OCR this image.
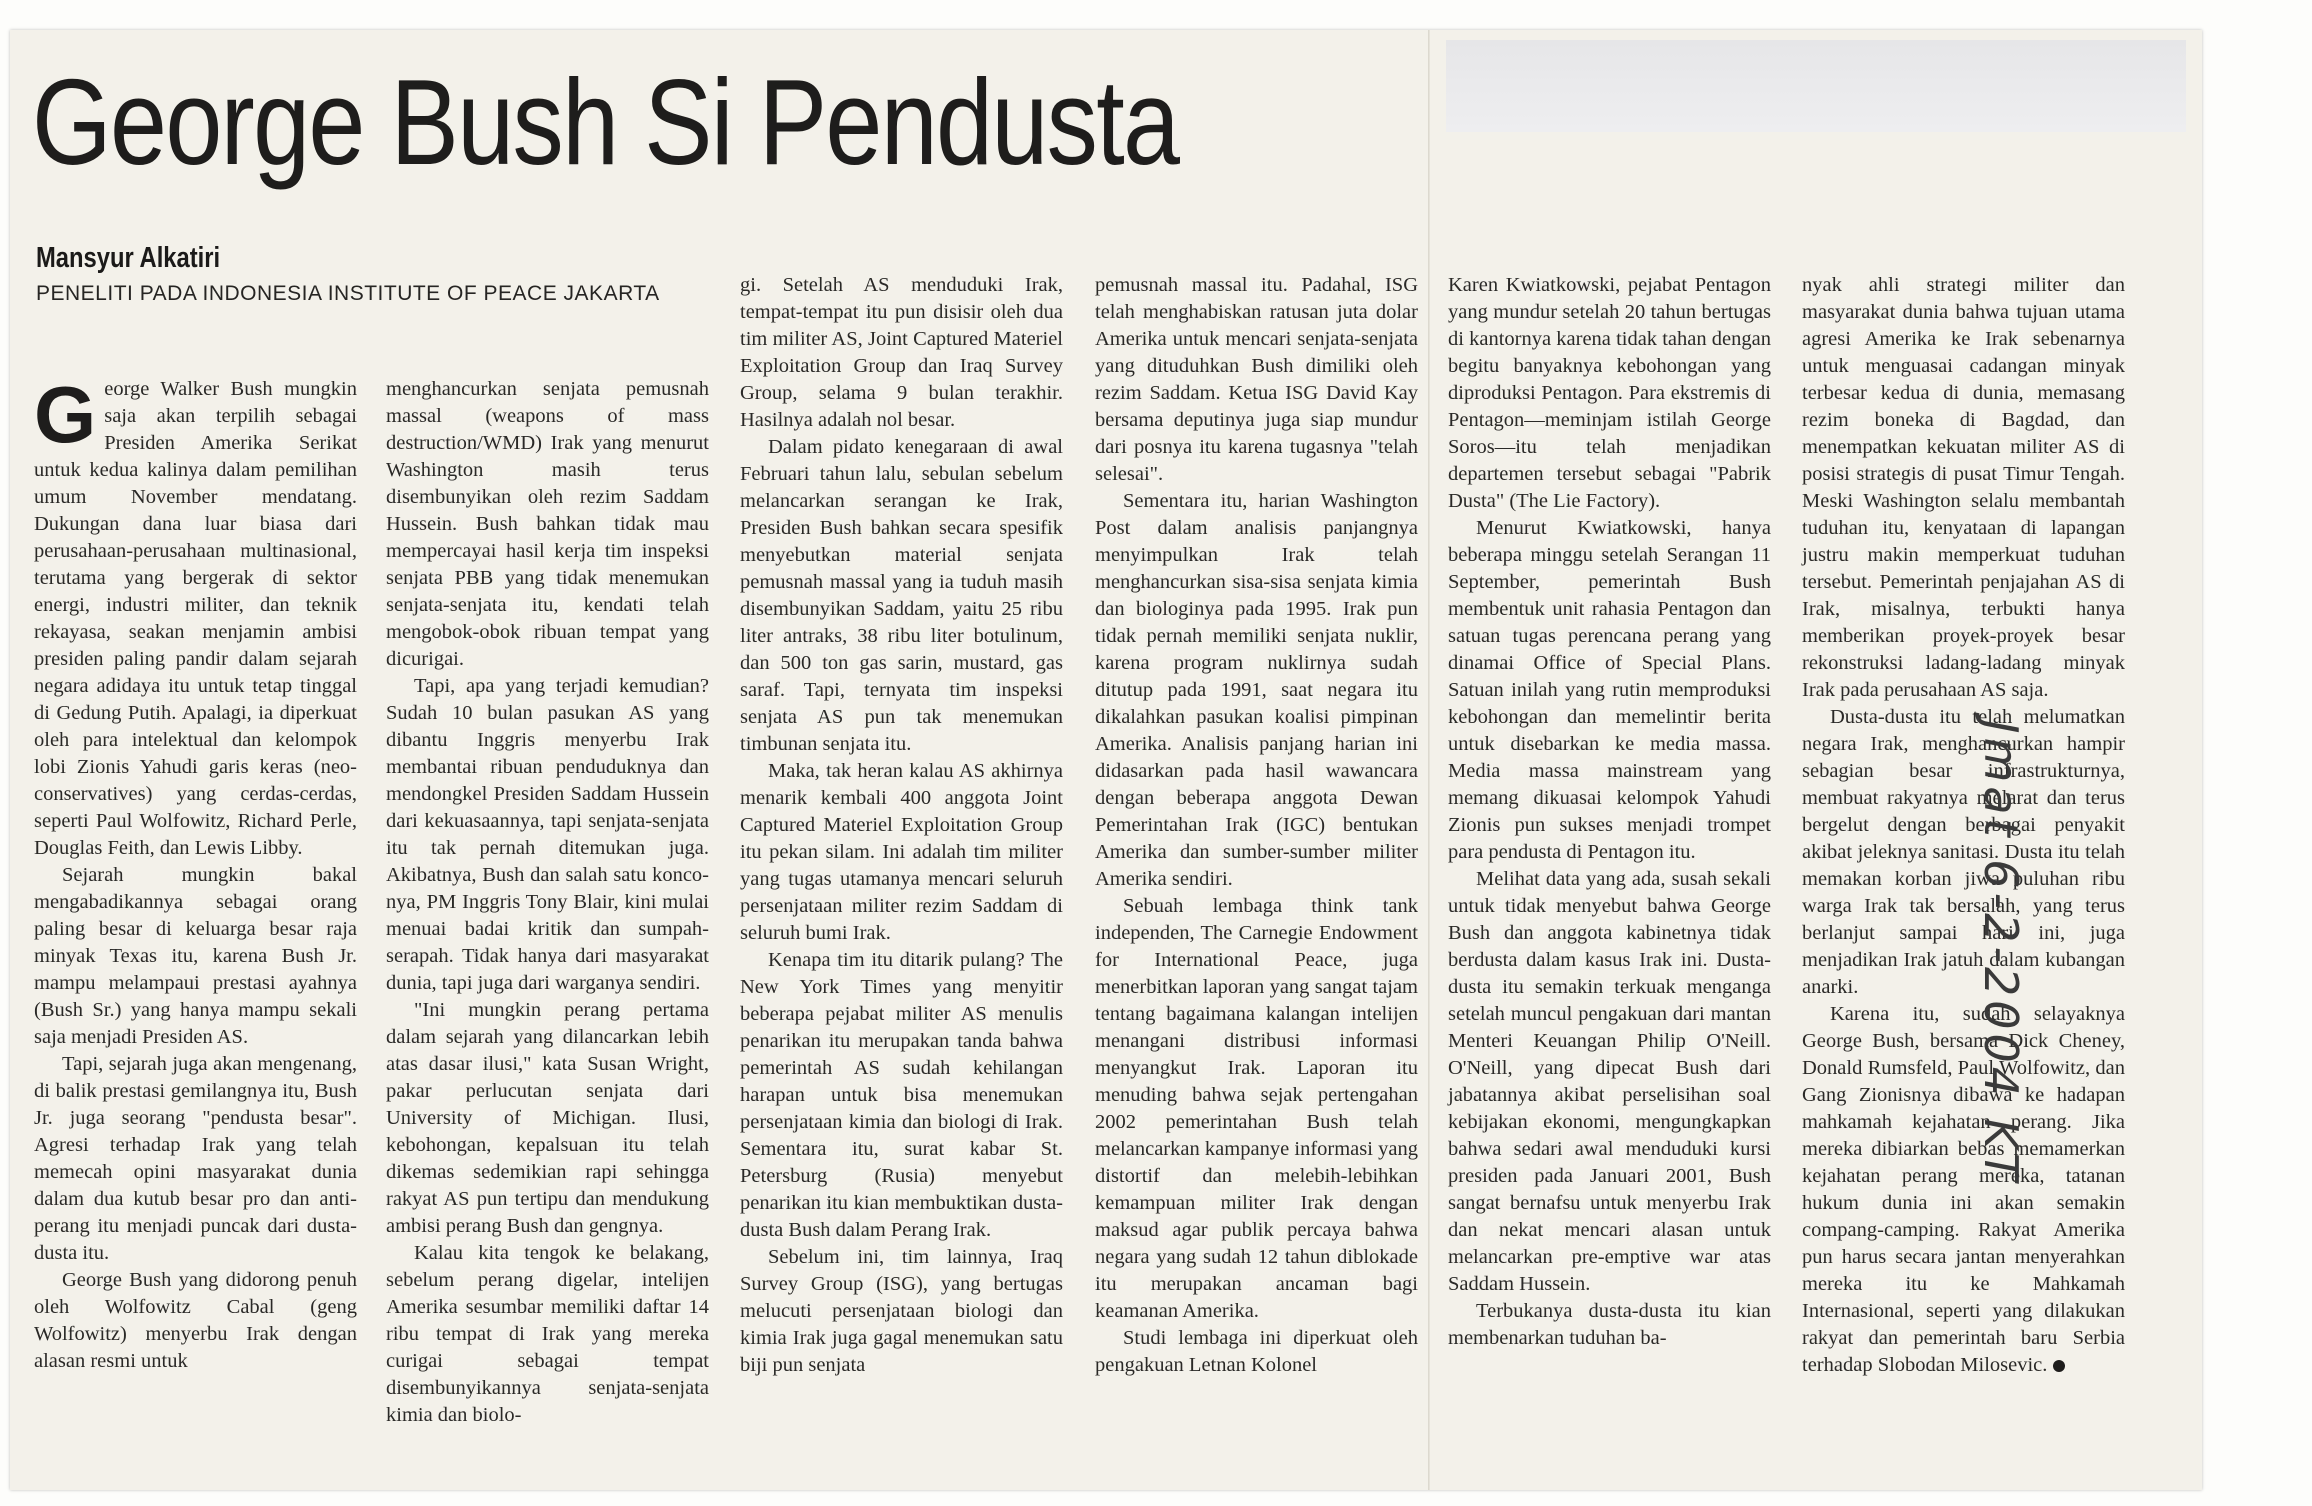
George Bush Si Pendusta
Mansyur Alkatiri
PENELITI PADA INDONESIA INSTITUTE OF PEACE JAKARTA

George Walker Bush mungkin saja akan terpilih sebagai Presiden Amerika Serikat untuk kedua kalinya dalam pemilihan umum November mendatang. Dukungan dana luar biasa dari perusahaan-perusahaan multinasional, terutama yang bergerak di sektor energi, industri militer, dan teknik rekayasa, seakan menjamin ambisi presiden paling pandir dalam sejarah negara adidaya itu untuk tetap tinggal di Gedung Putih. Apalagi, ia diperkuat oleh para intelektual dan kelompok lobi Zionis Yahudi garis keras (neo-conservatives) yang cerdas-cerdas, seperti Paul Wolfowitz, Richard Perle, Douglas Feith, dan Lewis Libby.

Sejarah mungkin bakal mengabadikannya sebagai orang paling besar di keluarga besar raja minyak Texas itu, karena Bush Jr. mampu melampaui prestasi ayahnya (Bush Sr.) yang hanya mampu sekali saja menjadi Presiden AS.

Tapi, sejarah juga akan mengenang, di balik prestasi gemilangnya itu, Bush Jr. juga seorang "pendusta besar". Agresi terhadap Irak yang telah memecah opini masyarakat dunia dalam dua kutub besar pro dan anti-perang itu menjadi puncak dari dusta-dusta itu.

George Bush yang didorong penuh oleh Wolfowitz Cabal (geng Wolfowitz) menyerbu Irak dengan alasan resmi untuk

menghancurkan senjata pemusnah massal (weapons of mass destruction/WMD) Irak yang menurut Washington masih terus disembunyikan oleh rezim Saddam Hussein. Bush bahkan tidak mau mempercayai hasil kerja tim inspeksi senjata PBB yang tidak menemukan senjata-senjata itu, kendati telah mengobok-obok ribuan tempat yang dicurigai.

Tapi, apa yang terjadi kemudian? Sudah 10 bulan pasukan AS yang dibantu Inggris menyerbu Irak membantai ribuan penduduknya dan mendongkel Presiden Saddam Hussein dari kekuasaannya, tapi senjata-senjata itu tak pernah ditemukan juga. Akibatnya, Bush dan salah satu konco-nya, PM Inggris Tony Blair, kini mulai menuai badai kritik dan sumpah-serapah. Tidak hanya dari masyarakat dunia, tapi juga dari warganya sendiri.

"Ini mungkin perang pertama dalam sejarah yang dilancarkan lebih atas dasar ilusi," kata Susan Wright, pakar perlucutan senjata dari University of Michigan. Ilusi, kebohongan, kepalsuan itu telah dikemas sedemikian rapi sehingga rakyat AS pun tertipu dan mendukung ambisi perang Bush dan gengnya.

Kalau kita tengok ke belakang, sebelum perang digelar, intelijen Amerika sesumbar memiliki daftar 14 ribu tempat di Irak yang mereka curigai sebagai tempat disembunyikannya senjata-senjata kimia dan biolo-

gi. Setelah AS menduduki Irak, tempat-tempat itu pun disisir oleh dua tim militer AS, Joint Captured Materiel Exploitation Group dan Iraq Survey Group, selama 9 bulan terakhir. Hasilnya adalah nol besar.

Dalam pidato kenegaraan di awal Februari tahun lalu, sebulan sebelum melancarkan serangan ke Irak, Presiden Bush bahkan secara spesifik menyebutkan material senjata pemusnah massal yang ia tuduh masih disembunyikan Saddam, yaitu 25 ribu liter antraks, 38 ribu liter botulinum, dan 500 ton gas sarin, mustard, gas saraf. Tapi, ternyata tim inspeksi senjata AS pun tak menemukan timbunan senjata itu.

Maka, tak heran kalau AS akhirnya menarik kembali 400 anggota Joint Captured Materiel Exploitation Group itu pekan silam. Ini adalah tim militer yang tugas utamanya mencari seluruh persenjataan militer rezim Saddam di seluruh bumi Irak.

Kenapa tim itu ditarik pulang? The New York Times yang menyitir beberapa pejabat militer AS menulis penarikan itu merupakan tanda bahwa pemerintah AS sudah kehilangan harapan untuk bisa menemukan persenjataan kimia dan biologi di Irak. Sementara itu, surat kabar St. Petersburg (Rusia) menyebut penarikan itu kian membuktikan dusta-dusta Bush dalam Perang Irak.

Sebelum ini, tim lainnya, Iraq Survey Group (ISG), yang bertugas melucuti persenjataan biologi dan kimia Irak juga gagal menemukan satu biji pun senjata

pemusnah massal itu. Padahal, ISG telah menghabiskan ratusan juta dolar Amerika untuk mencari senjata-senjata yang dituduhkan Bush dimiliki oleh rezim Saddam. Ketua ISG David Kay bersama deputinya juga siap mundur dari posnya itu karena tugasnya "telah selesai".

Sementara itu, harian Washington Post dalam analisis panjangnya menyimpulkan Irak telah menghancurkan sisa-sisa senjata kimia dan biologinya pada 1995. Irak pun tidak pernah memiliki senjata nuklir, karena program nuklirnya sudah ditutup pada 1991, saat negara itu dikalahkan pasukan koalisi pimpinan Amerika. Analisis panjang harian ini didasarkan pada hasil wawancara dengan beberapa anggota Dewan Pemerintahan Irak (IGC) bentukan Amerika dan sumber-sumber militer Amerika sendiri.

Sebuah lembaga think tank independen, The Carnegie Endowment for International Peace, juga menerbitkan laporan yang sangat tajam tentang bagaimana kalangan intelijen menangani distribusi informasi menyangkut Irak. Laporan itu menuding bahwa sejak pertengahan 2002 pemerintahan Bush telah melancarkan kampanye informasi yang distortif dan melebih-lebihkan kemampuan militer Irak dengan maksud agar publik percaya bahwa negara yang sudah 12 tahun diblokade itu merupakan ancaman bagi keamanan Amerika.

Studi lembaga ini diperkuat oleh pengakuan Letnan Kolonel

Karen Kwiatkowski, pejabat Pentagon yang mundur setelah 20 tahun bertugas di kantornya karena tidak tahan dengan begitu banyaknya kebohongan yang diproduksi Pentagon. Para ekstremis di Pentagon—meminjam istilah George Soros—itu telah menjadikan departemen tersebut sebagai "Pabrik Dusta" (The Lie Factory).

Menurut Kwiatkowski, hanya beberapa minggu setelah Serangan 11 September, pemerintah Bush membentuk unit rahasia Pentagon dan satuan tugas perencana perang yang dinamai Office of Special Plans. Satuan inilah yang rutin memproduksi kebohongan dan memelintir berita untuk disebarkan ke media massa. Media massa mainstream yang memang dikuasai kelompok Yahudi Zionis pun sukses menjadi trompet para pendusta di Pentagon itu.

Melihat data yang ada, susah sekali untuk tidak menyebut bahwa George Bush dan anggota kabinetnya tidak berdusta dalam kasus Irak ini. Dusta-dusta itu semakin terkuak menganga setelah muncul pengakuan dari mantan Menteri Keuangan Philip O'Neill. O'Neill, yang dipecat Bush dari jabatannya akibat perselisihan soal kebijakan ekonomi, mengungkapkan bahwa sedari awal menduduki kursi presiden pada Januari 2001, Bush sangat bernafsu untuk menyerbu Irak dan nekat mencari alasan untuk melancarkan pre-emptive war atas Saddam Hussein.

Terbukanya dusta-dusta itu kian membenarkan tuduhan ba-

nyak ahli strategi militer dan masyarakat dunia bahwa tujuan utama agresi Amerika ke Irak sebenarnya untuk menguasai cadangan minyak terbesar kedua di dunia, memasang rezim boneka di Bagdad, dan menempatkan kekuatan militer AS di posisi strategis di pusat Timur Tengah. Meski Washington selalu membantah tuduhan itu, kenyataan di lapangan justru makin memperkuat tuduhan tersebut. Pemerintah penjajahan AS di Irak, misalnya, terbukti hanya memberikan proyek-proyek besar rekonstruksi ladang-ladang minyak Irak pada perusahaan AS saja.

Dusta-dusta itu telah melumatkan negara Irak, menghancurkan hampir sebagian besar infrastrukturnya, membuat rakyatnya melarat dan terus bergelut dengan berbagai penyakit akibat jeleknya sanitasi. Dusta itu telah memakan korban jiwa puluhan ribu warga Irak tak bersalah, yang terus berlanjut sampai hari ini, juga menjadikan Irak jatuh dalam kubangan anarki.

Karena itu, sudah selayaknya George Bush, bersama Dick Cheney, Donald Rumsfeld, Paul Wolfowitz, dan Gang Zionisnya dibawa ke hadapan mahkamah kejahatan perang. Jika mereka dibiarkan bebas memamerkan kejahatan perang mereka, tatanan hukum dunia ini akan semakin compang-camping. Rakyat Amerika pun harus secara jantan menyerahkan mereka itu ke Mahkamah Internasional, seperti yang dilakukan rakyat dan pemerintah baru Serbia terhadap Slobodan Milosevic.

Jmat 6-2-2004 KT
